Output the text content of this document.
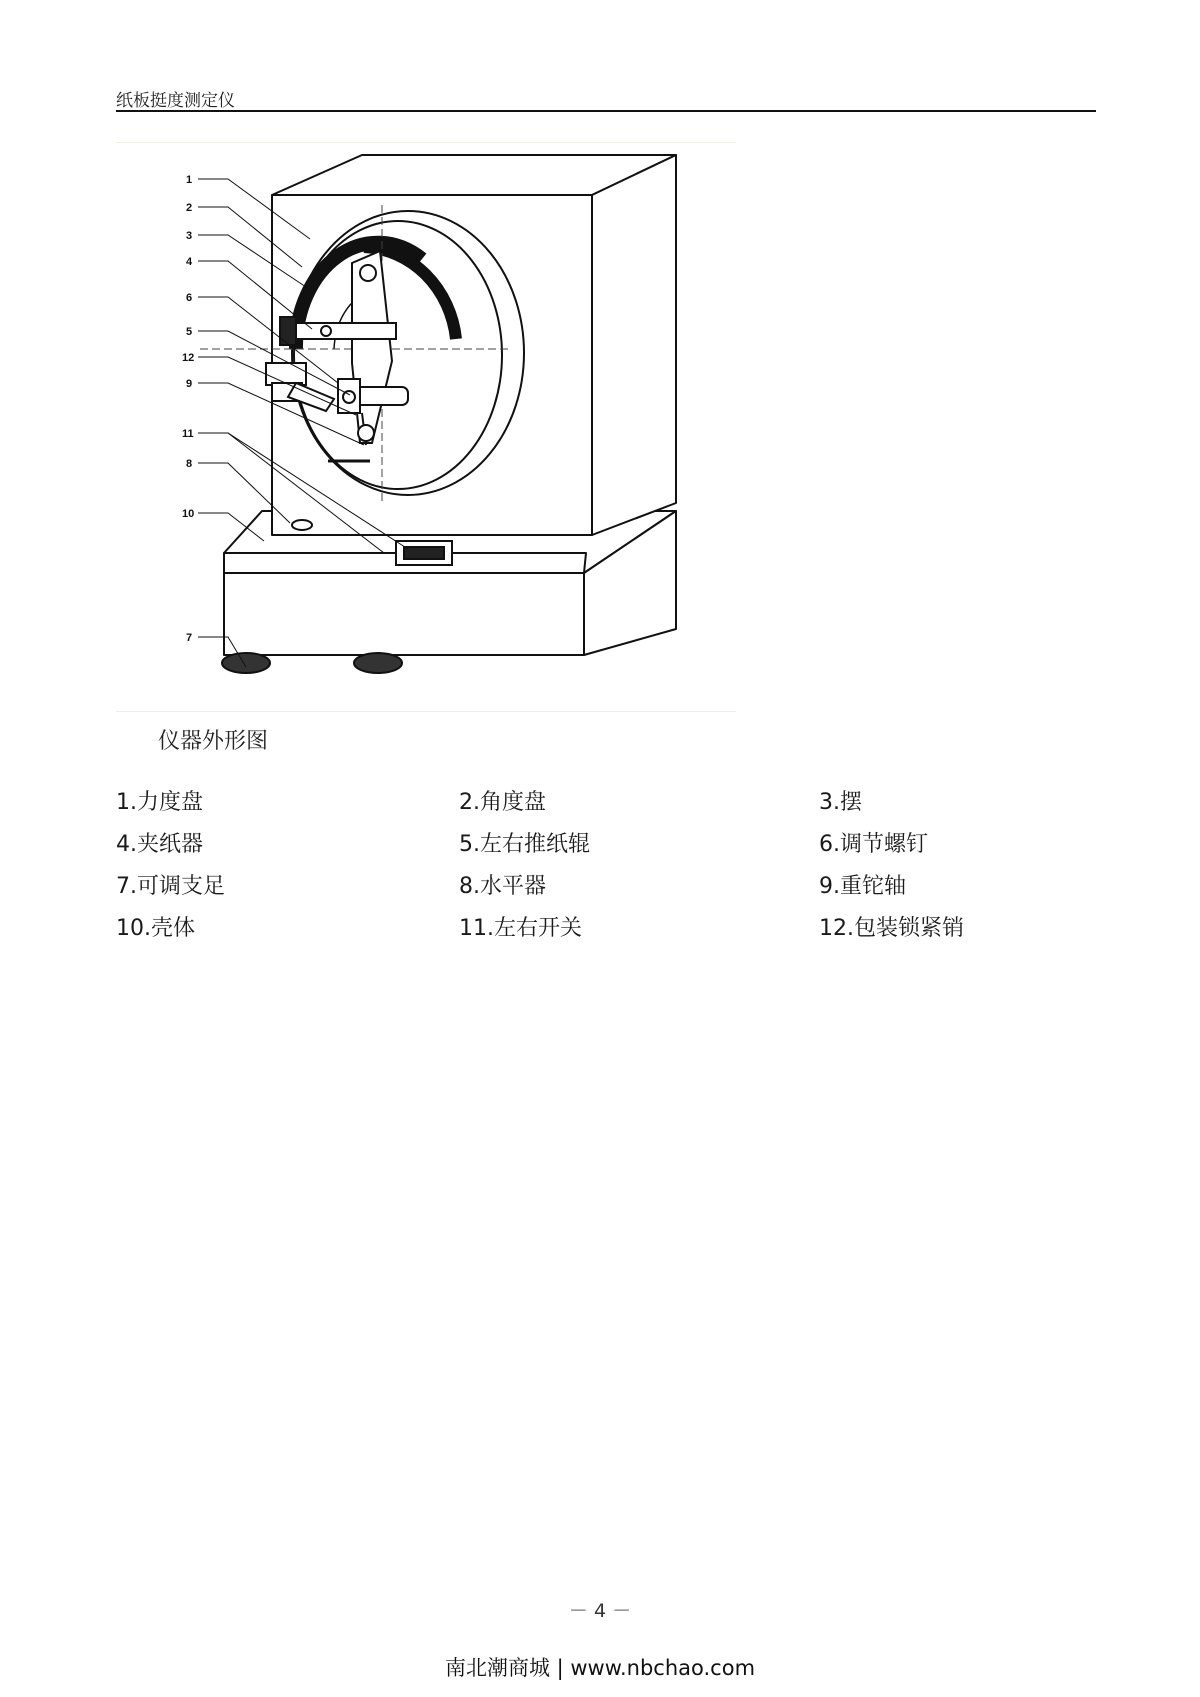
纸板挺度测定仪
1
2
3
4
6
5
12
9
11
8
10
7
仪器外形图
1.力度盘	2.角度盘	3.摆
4.夹纸器	5.左右推纸辊	6.调节螺钉
7.可调支足	8.水平器	9.重铊轴
10.壳体	11.左右开关	12.包装锁紧销
－ 4 －
南北潮商城 | www.nbchao.com
